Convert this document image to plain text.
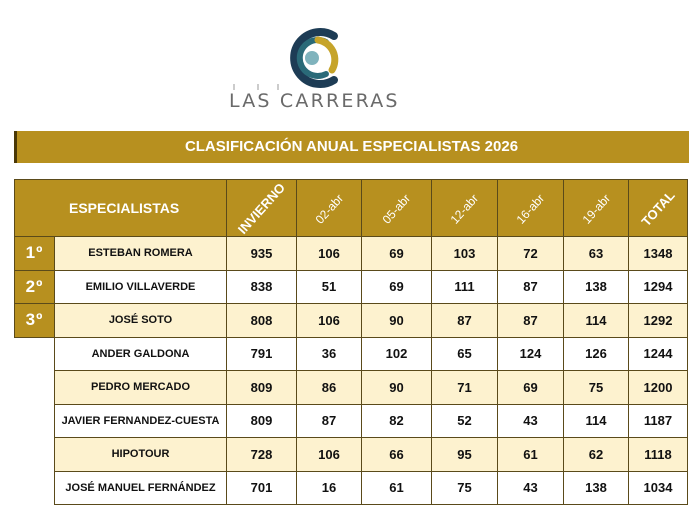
LAS CARRERAS
CLASIFICACIÓN ANUAL ESPECIALISTAS 2026
ESPECIALISTAS		INVIERNO	02-abr	05-abr	12-abr	16-abr	19-abr	TOTAL
1º	ESTEBAN ROMERA	935	106	69	103	72	63	1348
2º	EMILIO VILLAVERDE	838	51	69	111	87	138	1294
3º	JOSÉ SOTO	808	106	90	87	87	114	1292
	ANDER GALDONA	791	36	102	65	124	126	1244
	PEDRO MERCADO	809	86	90	71	69	75	1200
	JAVIER FERNANDEZ-CUESTA	809	87	82	52	43	114	1187
	HIPOTOUR	728	106	66	95	61	62	1118
	JOSÉ MANUEL FERNÁNDEZ	701	16	61	75	43	138	1034
